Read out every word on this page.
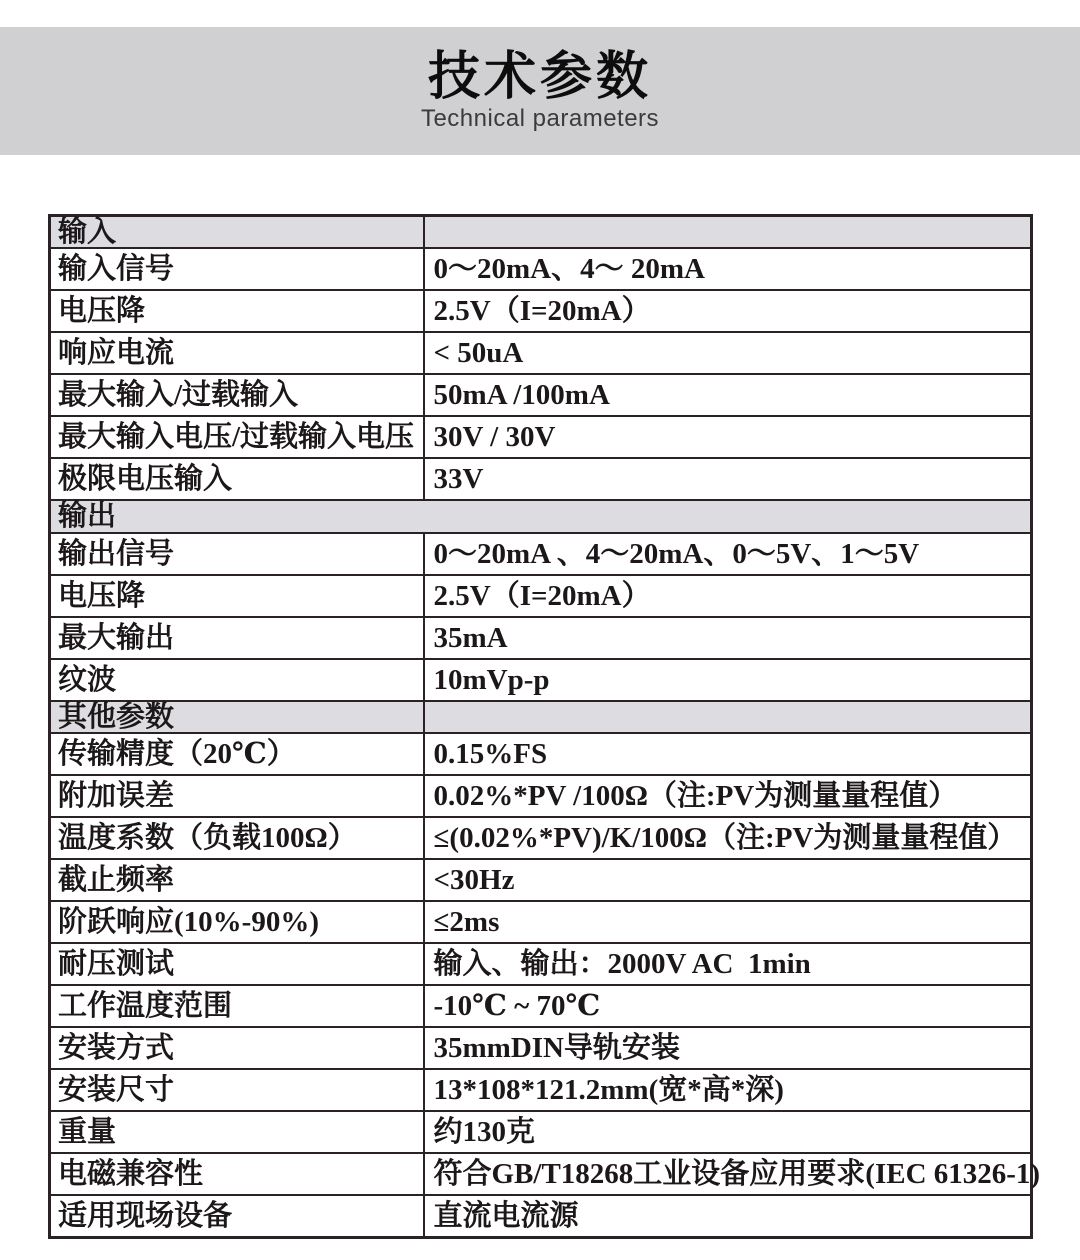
技术参数
Technical parameters
输入	
输入信号	0～20mA、4～ 20mA
电压降	2.5V（I=20mA）
响应电流	< 50uA
最大输入/过载输入	50mA /100mA
最大输入电压/过载输入电压	30V / 30V
极限电压输入	33V
输出	
输出信号	0～20mA 、4～20mA、0～5V、1～5V
电压降	2.5V（I=20mA）
最大输出	35mA
纹波	10mVp-p
其他参数	
传输精度（20℃）	0.15%FS
附加误差	0.02%*PV /100Ω（注:PV为测量量程值）
温度系数（负载100Ω）	≤(0.02%*PV)/K/100Ω（注:PV为测量量程值）
截止频率	<30Hz
阶跃响应(10%-90%)	≤2ms
耐压测试	输入、输出：2000V AC  1min
工作温度范围	-10℃ ~ 70℃
安装方式	35mmDIN导轨安装
安装尺寸	13*108*121.2mm(宽*高*深)
重量	约130克
电磁兼容性	符合GB/T18268工业设备应用要求(IEC 61326-1)
适用现场设备	直流电流源
